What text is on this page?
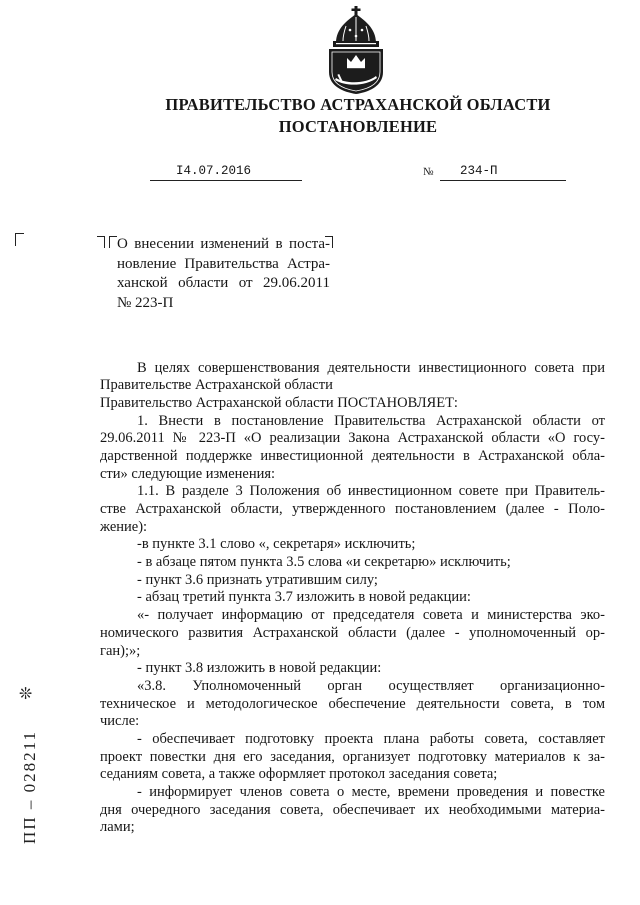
ПРАВИТЕЛЬСТВО АСТРАХАНСКОЙ ОБЛАСТИ
ПОСТАНОВЛЕНИЕ
I4.07.2016	№ 234-П
О внесении изменений в поста-
новление Правительства Астра-
ханской области от 29.06.2011
№ 223-П
В целях совершенствования деятельности инвестиционного совета при
Правительстве Астраханской области
Правительство Астраханской области ПОСТАНОВЛЯЕТ:
1. Внести в постановление Правительства Астраханской области от
29.06.2011 № 223-П «О реализации Закона Астраханской области «О госу-
дарственной поддержке инвестиционной деятельности в Астраханской обла-
сти» следующие изменения:
1.1. В разделе 3 Положения об инвестиционном совете при Правитель-
стве Астраханской области, утвержденного постановлением (далее - Поло-
жение):
-в пункте 3.1 слово «, секретаря» исключить;
- в абзаце пятом пункта 3.5 слова «и секретарю» исключить;
- пункт 3.6 признать утратившим силу;
- абзац третий пункта 3.7 изложить в новой редакции:
«- получает информацию от председателя совета и министерства эко-
номического развития Астраханской области (далее - уполномоченный ор-
ган);»;
- пункт 3.8 изложить в новой редакции:
«3.8. Уполномоченный орган осуществляет организационно-
техническое и методологическое обеспечение деятельности совета, в том
числе:
- обеспечивает подготовку проекта плана работы совета, составляет
проект повестки дня его заседания, организует подготовку материалов к за-
седаниям совета, а также оформляет протокол заседания совета;
- информирует членов совета о месте, времени проведения и повестке
дня очередного заседания совета, обеспечивает их необходимыми материа-
лами;
❊
ПП – 028211
